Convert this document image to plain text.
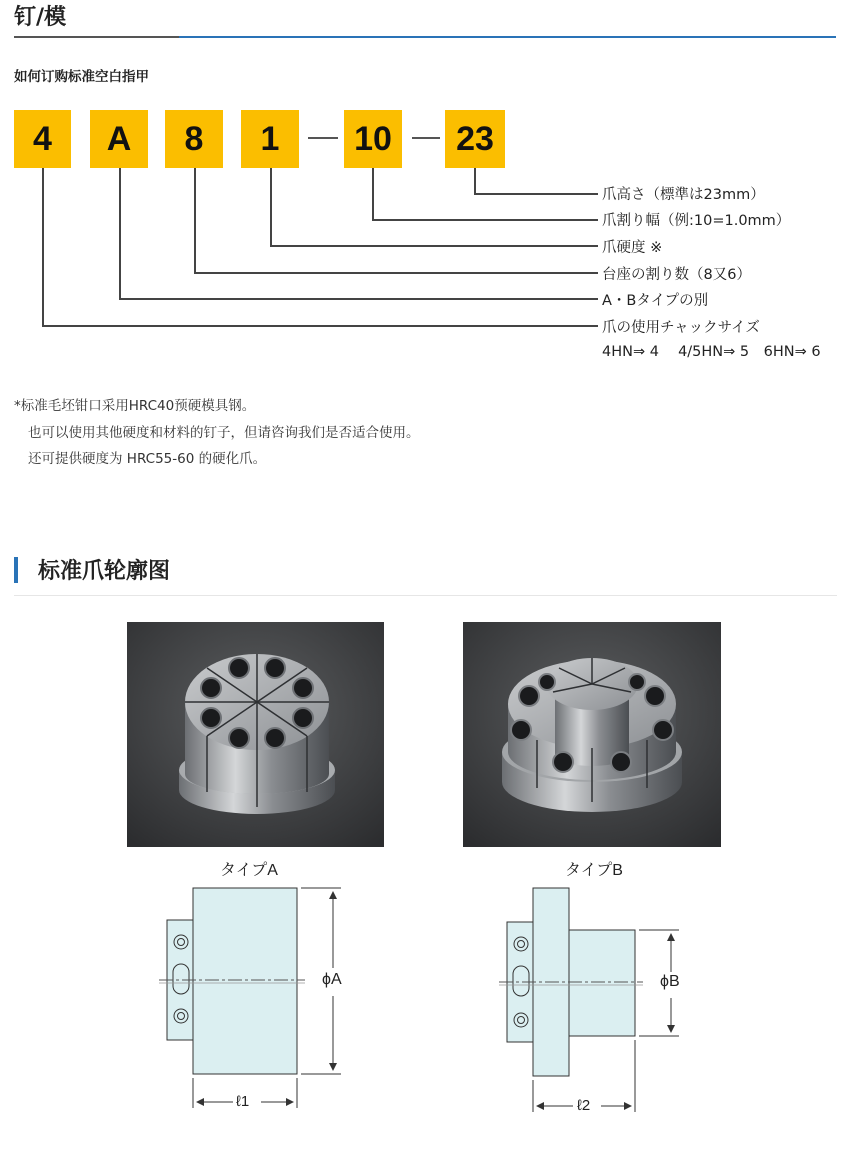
钉/模
如何订购标准空白指甲
4	A	8	1	10	23
爪高さ（標準は23mm）
爪割り幅（例:10=1.0mm）
爪硬度 ※
台座の割り数（8又6）
A・Bタイプの別
爪の使用チャックサイズ
4HN⇒ 4　 4/5HN⇒ 5　6HN⇒ 6
*标准毛坯钳口采用HRC40预硬模具钢。
也可以使用其他硬度和材料的钉子，但请咨询我们是否适合使用。
还可提供硬度为 HRC55-60 的硬化爪。
标准爪轮廓图
タイプA	タイプB
ϕA
ℓ1
ϕB
ℓ2
